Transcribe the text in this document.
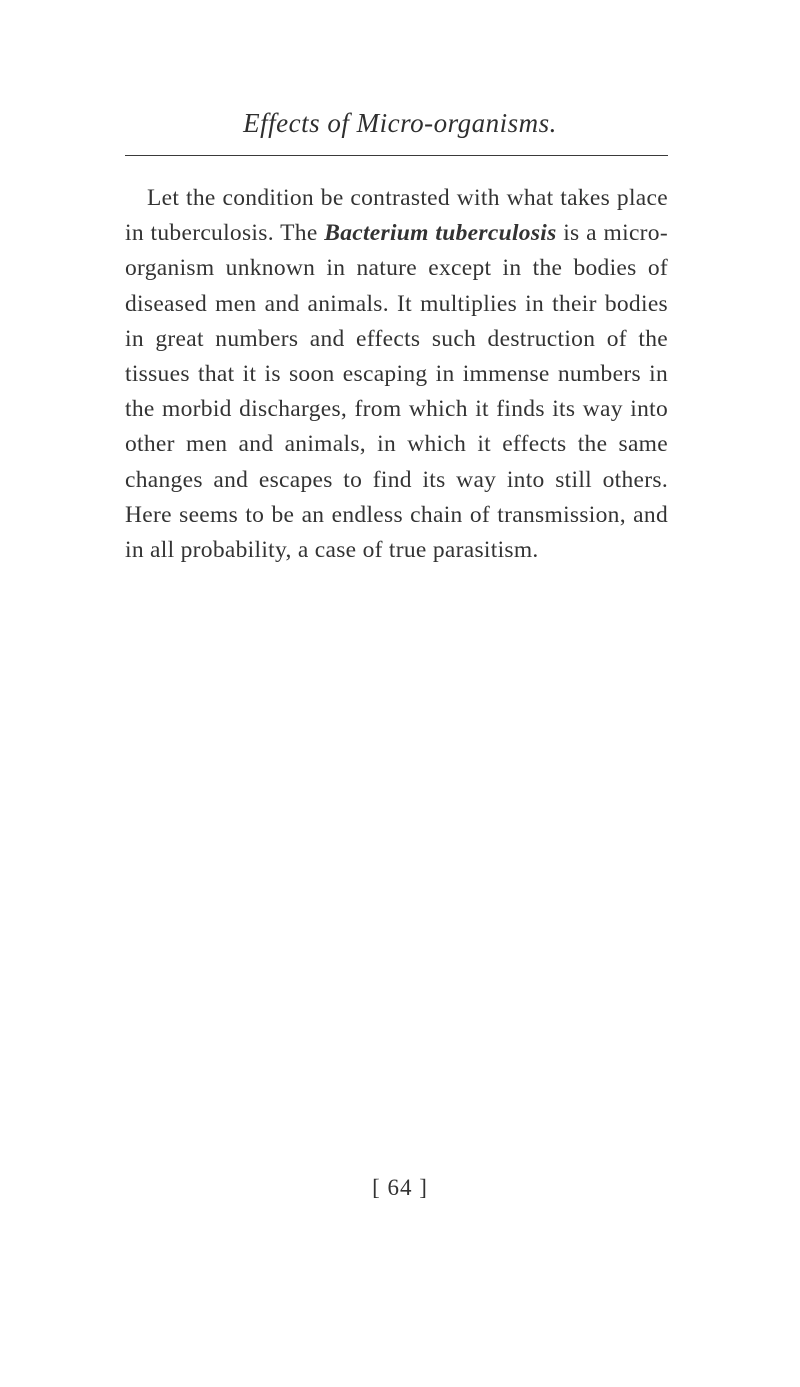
Effects of Micro-organisms.

Let the condition be contrasted with what takes place in tuberculosis. The Bacterium tuberculosis is a micro-organism unknown in nature except in the bodies of diseased men and animals. It multiplies in their bodies in great numbers and effects such destruction of the tissues that it is soon escaping in immense numbers in the morbid discharges, from which it finds its way into other men and animals, in which it effects the same changes and escapes to find its way into still others. Here seems to be an endless chain of transmission, and in all probability, a case of true parasitism.

[ 64 ]
